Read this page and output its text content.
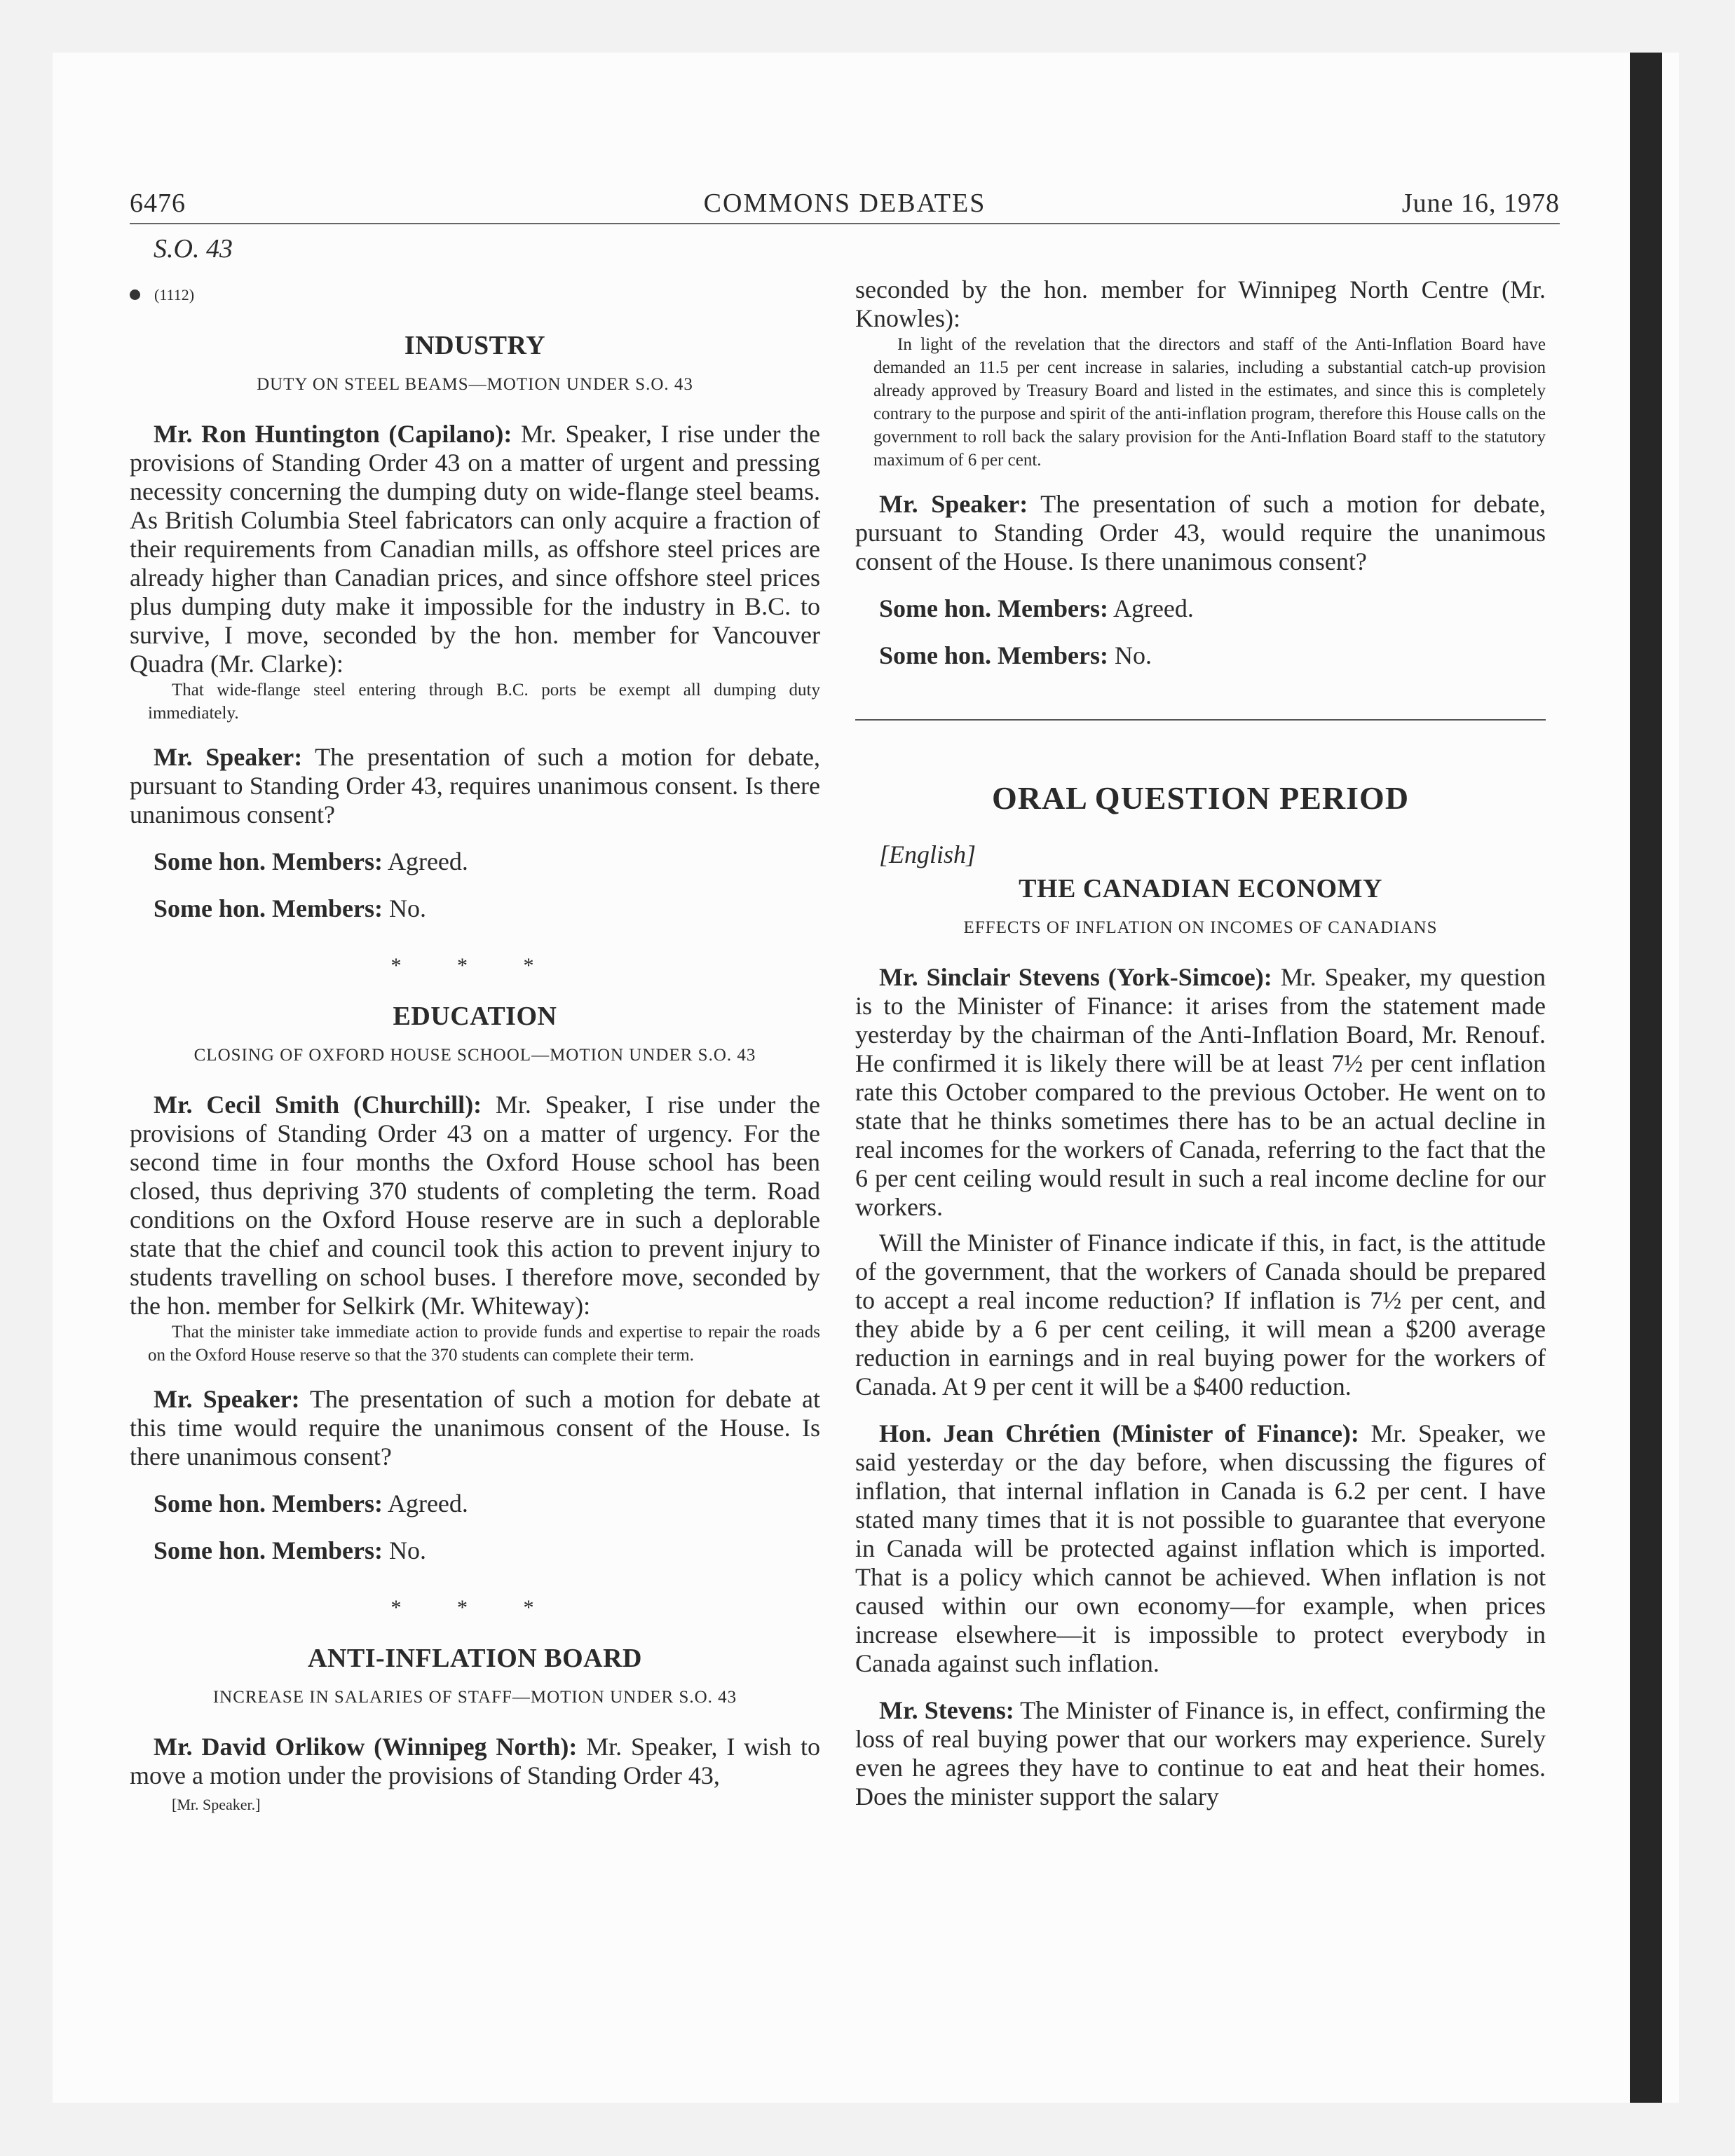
6476	COMMONS DEBATES	June 16, 1978

S.O. 43

(1112)
INDUSTRY
DUTY ON STEEL BEAMS—MOTION UNDER S.O. 43

Mr. Ron Huntington (Capilano): Mr. Speaker, I rise under the provisions of Standing Order 43 on a matter of urgent and pressing necessity concerning the dumping duty on wide-flange steel beams. As British Columbia Steel fabricators can only acquire a fraction of their requirements from Canadian mills, as offshore steel prices are already higher than Canadian prices, and since offshore steel prices plus dumping duty make it impossible for the industry in B.C. to survive, I move, seconded by the hon. member for Vancouver Quadra (Mr. Clarke):

That wide-flange steel entering through B.C. ports be exempt all dumping duty immediately.

Mr. Speaker: The presentation of such a motion for debate, pursuant to Standing Order 43, requires unanimous consent. Is there unanimous consent?

Some hon. Members: Agreed.

Some hon. Members: No.

* * *
EDUCATION
CLOSING OF OXFORD HOUSE SCHOOL—MOTION UNDER S.O. 43

Mr. Cecil Smith (Churchill): Mr. Speaker, I rise under the provisions of Standing Order 43 on a matter of urgency. For the second time in four months the Oxford House school has been closed, thus depriving 370 students of completing the term. Road conditions on the Oxford House reserve are in such a deplorable state that the chief and council took this action to prevent injury to students travelling on school buses. I therefore move, seconded by the hon. member for Selkirk (Mr. Whiteway):

That the minister take immediate action to provide funds and expertise to repair the roads on the Oxford House reserve so that the 370 students can complete their term.

Mr. Speaker: The presentation of such a motion for debate at this time would require the unanimous consent of the House. Is there unanimous consent?

Some hon. Members: Agreed.

Some hon. Members: No.

* * *
ANTI-INFLATION BOARD
INCREASE IN SALARIES OF STAFF—MOTION UNDER S.O. 43

Mr. David Orlikow (Winnipeg North): Mr. Speaker, I wish to move a motion under the provisions of Standing Order 43,

[Mr. Speaker.]

seconded by the hon. member for Winnipeg North Centre (Mr. Knowles):

In light of the revelation that the directors and staff of the Anti-Inflation Board have demanded an 11.5 per cent increase in salaries, including a substantial catch-up provision already approved by Treasury Board and listed in the estimates, and since this is completely contrary to the purpose and spirit of the anti-inflation program, therefore this House calls on the government to roll back the salary provision for the Anti-Inflation Board staff to the statutory maximum of 6 per cent.

Mr. Speaker: The presentation of such a motion for debate, pursuant to Standing Order 43, would require the unanimous consent of the House. Is there unanimous consent?

Some hon. Members: Agreed.

Some hon. Members: No.

ORAL QUESTION PERIOD

[English]

THE CANADIAN ECONOMY
EFFECTS OF INFLATION ON INCOMES OF CANADIANS

Mr. Sinclair Stevens (York-Simcoe): Mr. Speaker, my question is to the Minister of Finance: it arises from the statement made yesterday by the chairman of the Anti-Inflation Board, Mr. Renouf. He confirmed it is likely there will be at least 7½ per cent inflation rate this October compared to the previous October. He went on to state that he thinks sometimes there has to be an actual decline in real incomes for the workers of Canada, referring to the fact that the 6 per cent ceiling would result in such a real income decline for our workers.

Will the Minister of Finance indicate if this, in fact, is the attitude of the government, that the workers of Canada should be prepared to accept a real income reduction? If inflation is 7½ per cent, and they abide by a 6 per cent ceiling, it will mean a $200 average reduction in earnings and in real buying power for the workers of Canada. At 9 per cent it will be a $400 reduction.

Hon. Jean Chrétien (Minister of Finance): Mr. Speaker, we said yesterday or the day before, when discussing the figures of inflation, that internal inflation in Canada is 6.2 per cent. I have stated many times that it is not possible to guarantee that everyone in Canada will be protected against inflation which is imported. That is a policy which cannot be achieved. When inflation is not caused within our own economy—for example, when prices increase elsewhere—it is impossible to protect everybody in Canada against such inflation.

Mr. Stevens: The Minister of Finance is, in effect, confirming the loss of real buying power that our workers may experience. Surely even he agrees they have to continue to eat and heat their homes. Does the minister support the salary
